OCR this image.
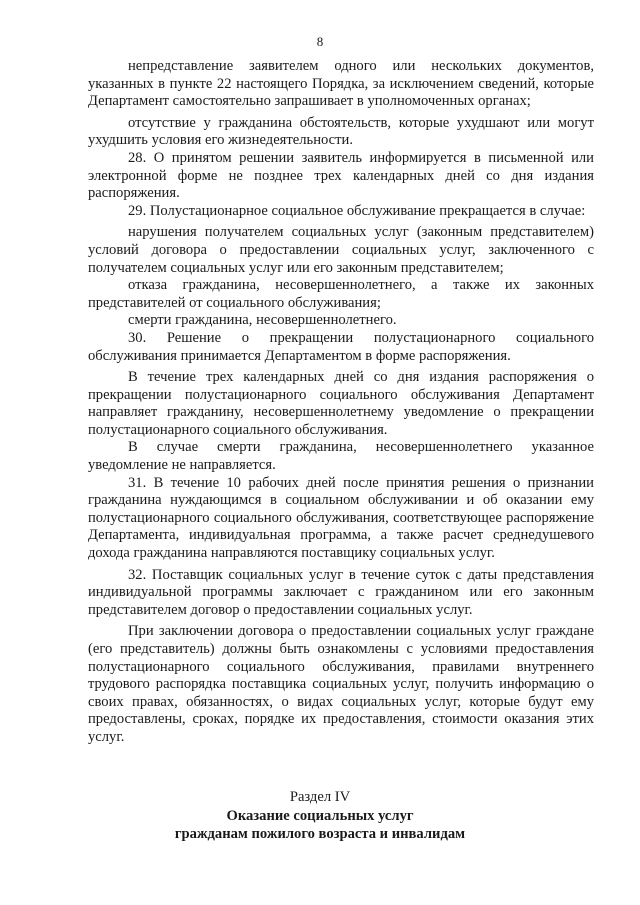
8

непредставление заявителем одного или нескольких документов, указанных в пункте 22 настоящего Порядка, за исключением сведений, которые Департамент самостоятельно запрашивает в уполномоченных органах;

отсутствие у гражданина обстоятельств, которые ухудшают или могут ухудшить условия его жизнедеятельности.

28. О принятом решении заявитель информируется в письменной или электронной форме не позднее трех календарных дней со дня издания распоряжения.

29. Полустационарное социальное обслуживание прекращается в случае:

нарушения получателем социальных услуг (законным представителем) условий договора о предоставлении социальных услуг, заключенного с получателем социальных услуг или его законным представителем;

отказа гражданина, несовершеннолетнего, а также их законных представителей от социального обслуживания;

смерти гражданина, несовершеннолетнего.

30. Решение о прекращении полустационарного социального обслуживания принимается Департаментом в форме распоряжения.

В течение трех календарных дней со дня издания распоряжения о прекращении полустационарного социального обслуживания Департамент направляет гражданину, несовершеннолетнему уведомление о прекращении полустационарного социального обслуживания.

В случае смерти гражданина, несовершеннолетнего указанное уведомление не направляется.

31. В течение 10 рабочих дней после принятия решения о признании гражданина нуждающимся в социальном обслуживании и об оказании ему полустационарного социального обслуживания, соответствующее распоряжение Департамента, индивидуальная программа, а также расчет среднедушевого дохода гражданина направляются поставщику социальных услуг.

32. Поставщик социальных услуг в течение суток с даты представления индивидуальной программы заключает с гражданином или его законным представителем договор о предоставлении социальных услуг.

При заключении договора о предоставлении социальных услуг граждане (его представитель) должны быть ознакомлены с условиями предоставления полустационарного социального обслуживания, правилами внутреннего трудового распорядка поставщика социальных услуг, получить информацию о своих правах, обязанностях, о видах социальных услуг, которые будут ему предоставлены, сроках, порядке их предоставления, стоимости оказания этих услуг.

Раздел IV

Оказание социальных услуг

гражданам пожилого возраста и инвалидам
